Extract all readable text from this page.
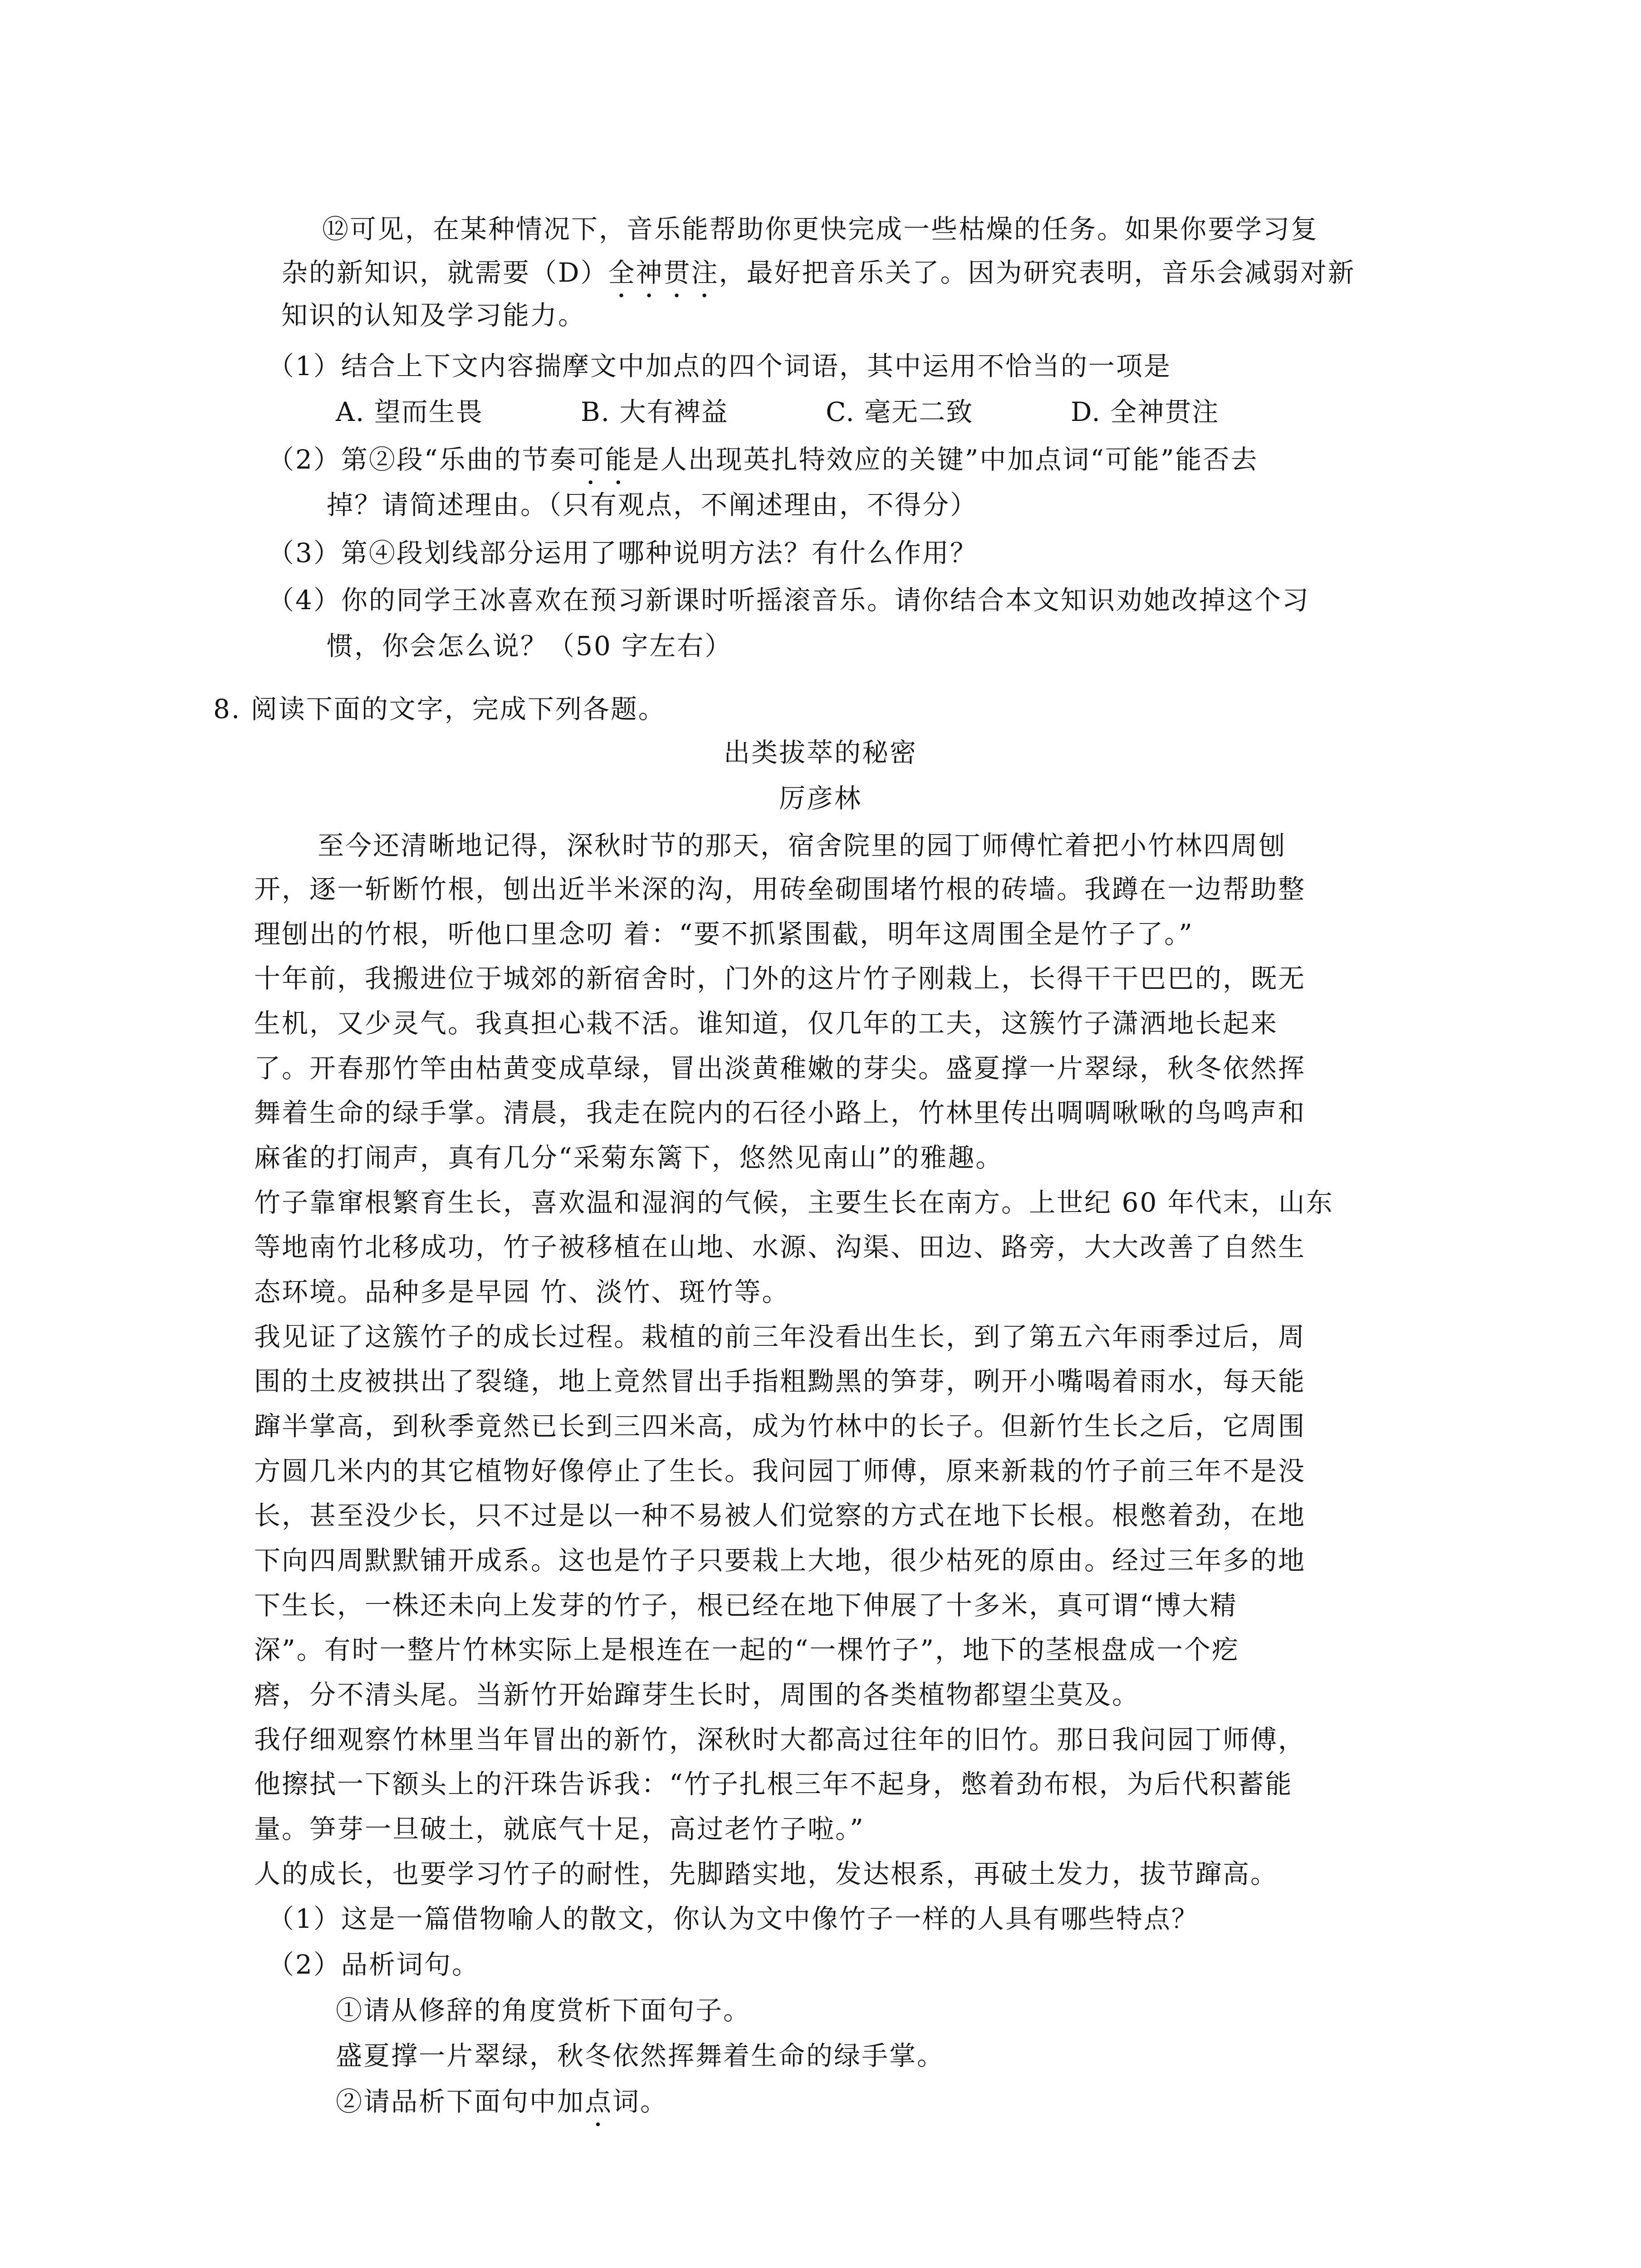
⑫可见，在某种情况下，音乐能帮助你更快完成一些枯燥的任务。如果你要学习复
杂的新知识，就需要（D）全神贯注，最好把音乐关了。因为研究表明，音乐会减弱对新
知识的认知及学习能力。
（1）结合上下文内容揣摩文中加点的四个词语，其中运用不恰当的一项是
A. 望而生畏	B. 大有裨益	C. 毫无二致	D. 全神贯注
（2）第②段“乐曲的节奏可能是人出现英扎特效应的关键”中加点词“可能”能否去
掉？请简述理由。（只有观点，不阐述理由，不得分）
（3）第④段划线部分运用了哪种说明方法？有什么作用？
（4）你的同学王冰喜欢在预习新课时听摇滚音乐。请你结合本文知识劝她改掉这个习
惯，你会怎么说？（50 字左右）
8. 阅读下面的文字，完成下列各题。
出类拔萃的秘密
厉彦林
至今还清晰地记得，深秋时节的那天，宿舍院里的园丁师傅忙着把小竹林四周刨
开，逐一斩断竹根，刨出近半米深的沟，用砖垒砌围堵竹根的砖墙。我蹲在一边帮助整
理刨出的竹根，听他口里念叨 着：“要不抓紧围截，明年这周围全是竹子了。”
十年前，我搬进位于城郊的新宿舍时，门外的这片竹子刚栽上，长得干干巴巴的，既无
生机，又少灵气。我真担心栽不活。谁知道，仅几年的工夫，这簇竹子潇洒地长起来
了。开春那竹竿由枯黄变成草绿，冒出淡黄稚嫩的芽尖。盛夏撑一片翠绿，秋冬依然挥
舞着生命的绿手掌。清晨，我走在院内的石径小路上，竹林里传出啁啁啾啾的鸟鸣声和
麻雀的打闹声，真有几分“采菊东篱下，悠然见南山”的雅趣。
竹子靠窜根繁育生长，喜欢温和湿润的气候，主要生长在南方。上世纪 60 年代末，山东
等地南竹北移成功，竹子被移植在山地、水源、沟渠、田边、路旁，大大改善了自然生
态环境。品种多是早园 竹、淡竹、斑竹等。
我见证了这簇竹子的成长过程。栽植的前三年没看出生长，到了第五六年雨季过后，周
围的土皮被拱出了裂缝，地上竟然冒出手指粗黝黑的笋芽，咧开小嘴喝着雨水，每天能
蹿半掌高，到秋季竟然已长到三四米高，成为竹林中的长子。但新竹生长之后，它周围
方圆几米内的其它植物好像停止了生长。我问园丁师傅，原来新栽的竹子前三年不是没
长，甚至没少长，只不过是以一种不易被人们觉察的方式在地下长根。根憋着劲，在地
下向四周默默铺开成系。这也是竹子只要栽上大地，很少枯死的原由。经过三年多的地
下生长，一株还未向上发芽的竹子，根已经在地下伸展了十多米，真可谓“博大精
深”。有时一整片竹林实际上是根连在一起的“一棵竹子”，地下的茎根盘成一个疙
瘩，分不清头尾。当新竹开始蹿芽生长时，周围的各类植物都望尘莫及。
我仔细观察竹林里当年冒出的新竹，深秋时大都高过往年的旧竹。那日我问园丁师傅，
他擦拭一下额头上的汗珠告诉我：“竹子扎根三年不起身，憋着劲布根，为后代积蓄能
量。笋芽一旦破土，就底气十足，高过老竹子啦。”
人的成长，也要学习竹子的耐性，先脚踏实地，发达根系，再破土发力，拔节蹿高。
（1）这是一篇借物喻人的散文，你认为文中像竹子一样的人具有哪些特点？
（2）品析词句。
①请从修辞的角度赏析下面句子。
盛夏撑一片翠绿，秋冬依然挥舞着生命的绿手掌。
②请品析下面句中加点词。
